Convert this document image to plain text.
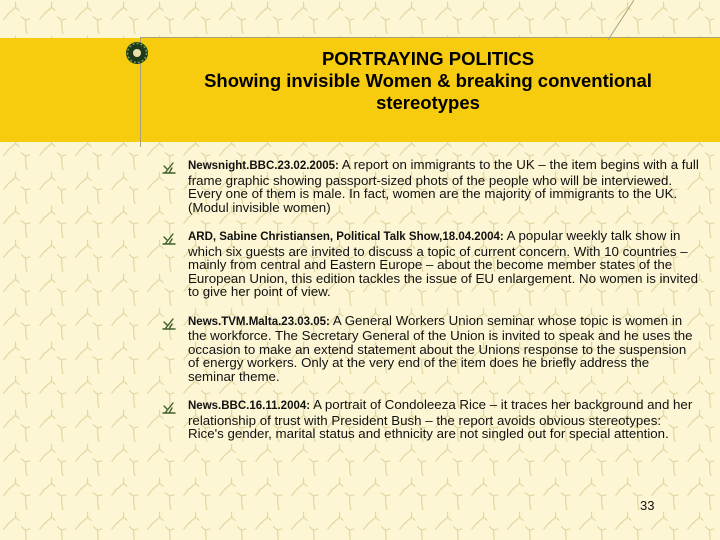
PORTRAYING POLITICS
Showing invisible Women & breaking conventional
stereotypes
Newsnight.BBC.23.02.2005: A report on immigrants to the UK – the item begins with a full frame graphic showing passport-sized phots of the people who will be interviewed. Every one of them is male. In fact, women are the majority of immigrants to the UK. (Modul invisible women)
ARD, Sabine Christiansen, Political Talk Show,18.04.2004: A popular weekly talk show in which six guests are invited to discuss a topic of current concern. With 10 countries – mainly from central and Eastern Europe – about the become member states of the European Union, this edition tackles the issue of EU enlargement. No women is invited to give her point of view.
News.TVM.Malta.23.03.05: A General Workers Union seminar whose topic is women in the workforce. The Secretary General of the Union is invited to speak and he uses the occasion to make an extend statement about the Unions response to the suspension of energy workers. Only at the very end of the item does he briefly address the seminar theme.
News.BBC.16.11.2004: A portrait of Condoleeza Rice – it traces her background and her relationship of trust with President Bush – the report avoids obvious stereotypes: Rice's gender, marital status and ethnicity are not singled out for special attention.
33
